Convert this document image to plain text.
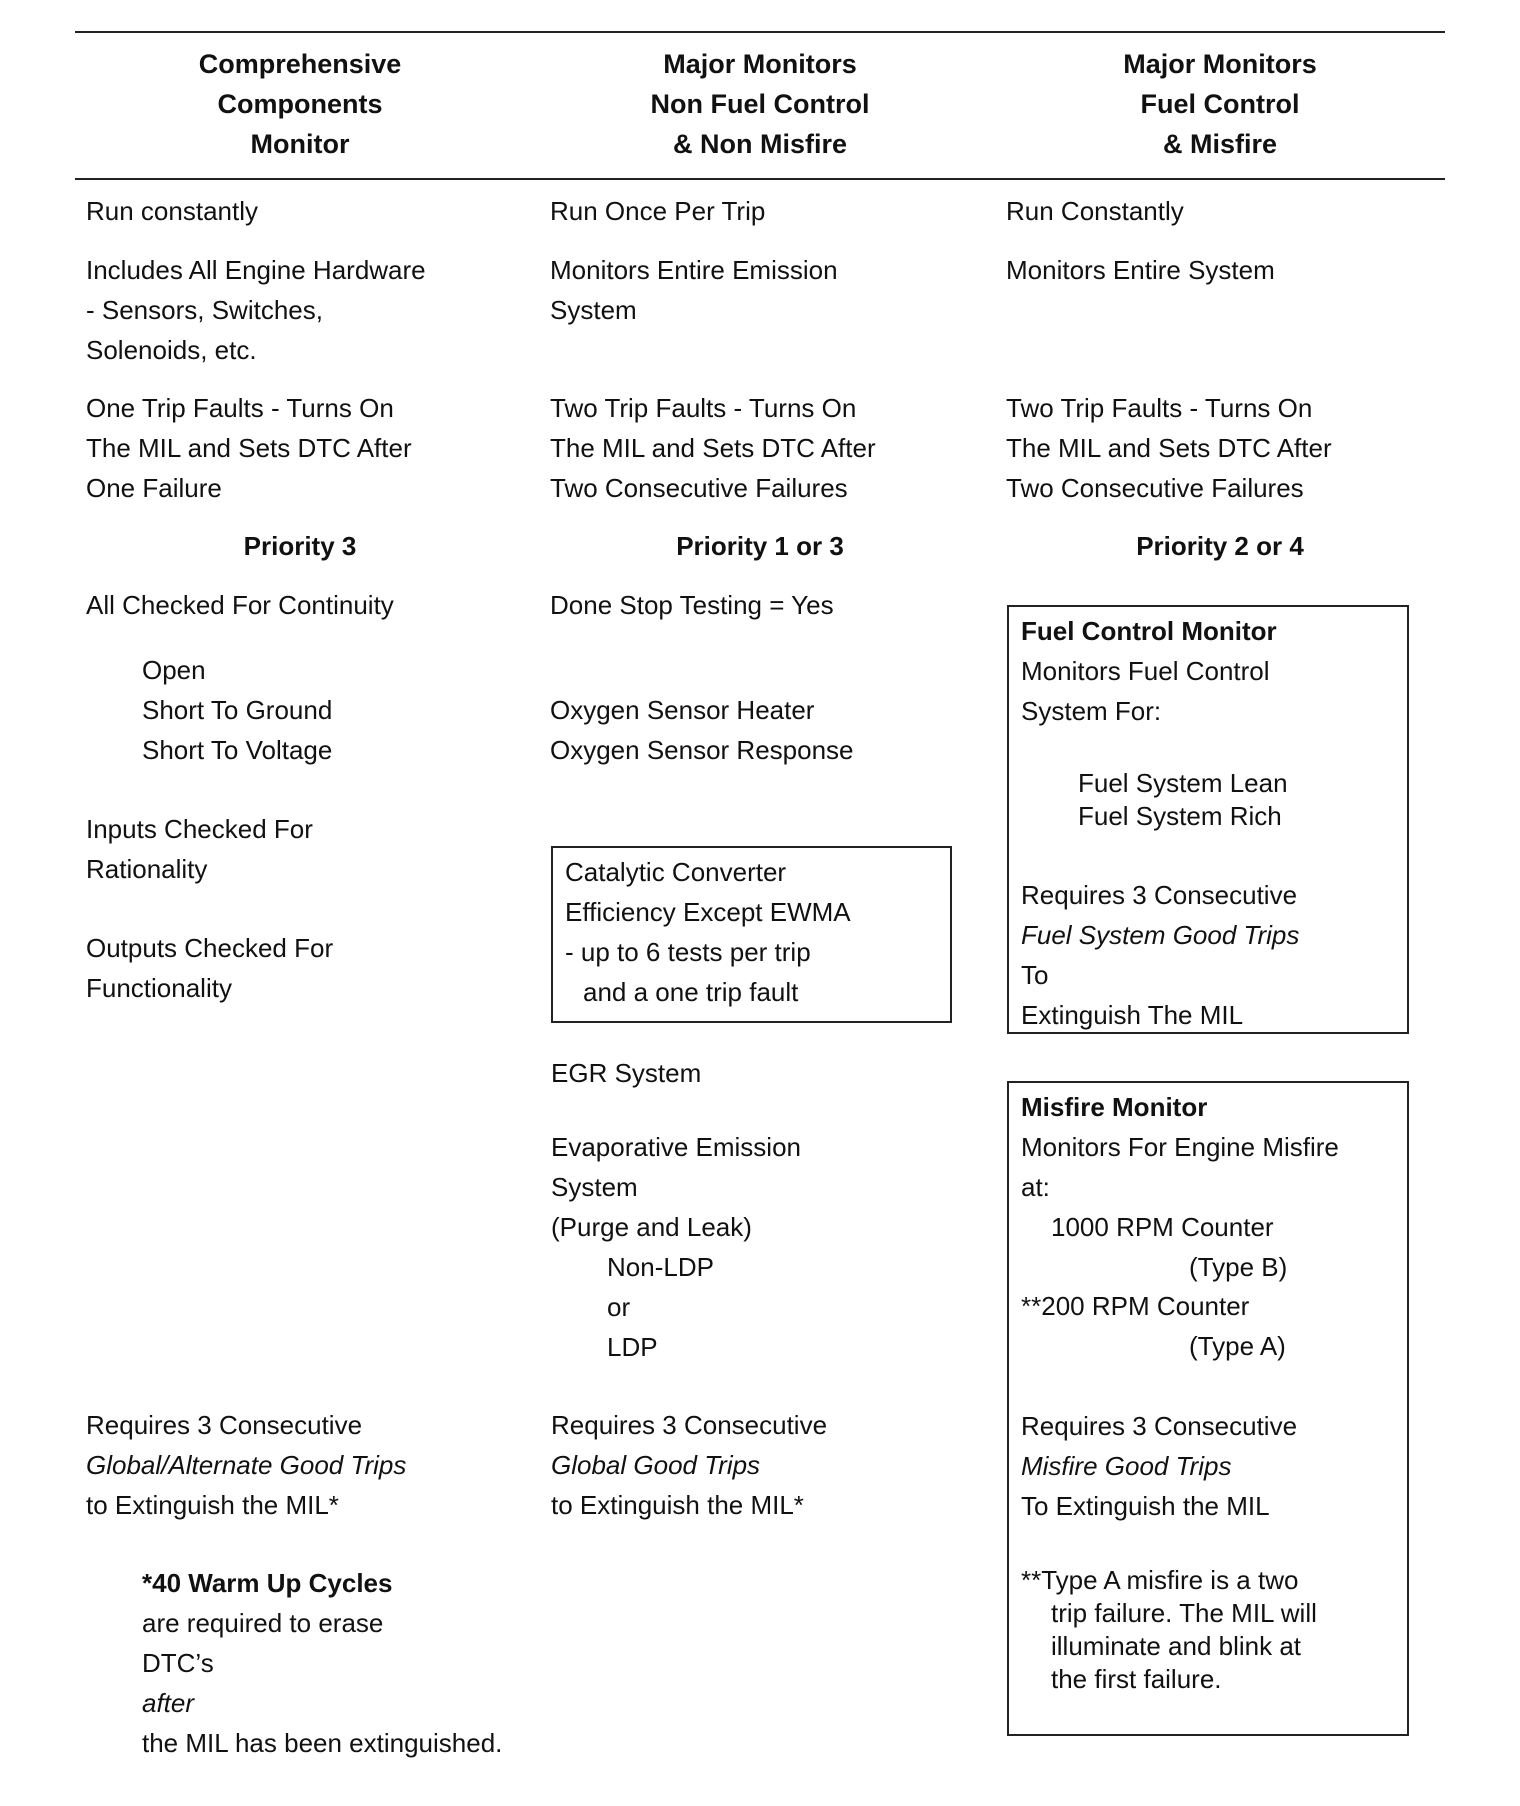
Comprehensive
Components
Monitor
Major Monitors
Non Fuel Control
& Non Misfire
Major Monitors
Fuel Control
& Misfire
Run constantly
Includes All Engine Hardware
- Sensors, Switches,
Solenoids, etc.
One Trip Faults - Turns On
The MIL and Sets DTC After
One Failure
Priority 3
All Checked For Continuity
Open
Short To Ground
Short To Voltage
Inputs Checked For
Rationality
Outputs Checked For
Functionality
Requires 3 Consecutive
Global/Alternate Good Trips
to Extinguish the MIL*
Run Once Per Trip
Monitors Entire Emission
System
Two Trip Faults - Turns On
The MIL and Sets DTC After
Two Consecutive Failures
Priority 1 or 3
Done Stop Testing = Yes
Oxygen Sensor Heater
Oxygen Sensor Response
Catalytic Converter
Efficiency Except EWMA
- up to 6 tests per trip
and a one trip fault
EGR System
Evaporative Emission
System
(Purge and Leak)
Non-LDP
or
LDP
Requires 3 Consecutive
Global Good Trips
to Extinguish the MIL*
Run Constantly
Monitors Entire System
Two Trip Faults - Turns On
The MIL and Sets DTC After
Two Consecutive Failures
Priority 2 or 4
Fuel Control Monitor
Monitors Fuel Control
System For:
Fuel System Lean
Fuel System Rich
Requires 3 Consecutive
Fuel System Good Trips
To
Extinguish The MIL
Misfire Monitor
Monitors For Engine Misfire
at:
1000 RPM Counter
(Type B)
**200 RPM Counter
(Type A)
Requires 3 Consecutive
Misfire Good Trips
To Extinguish the MIL
**Type A misfire is a two
trip failure. The MIL will
illuminate and blink at
the first failure.
*40 Warm Up Cycles
are required to erase
DTC’s
after
the MIL has been extinguished.
